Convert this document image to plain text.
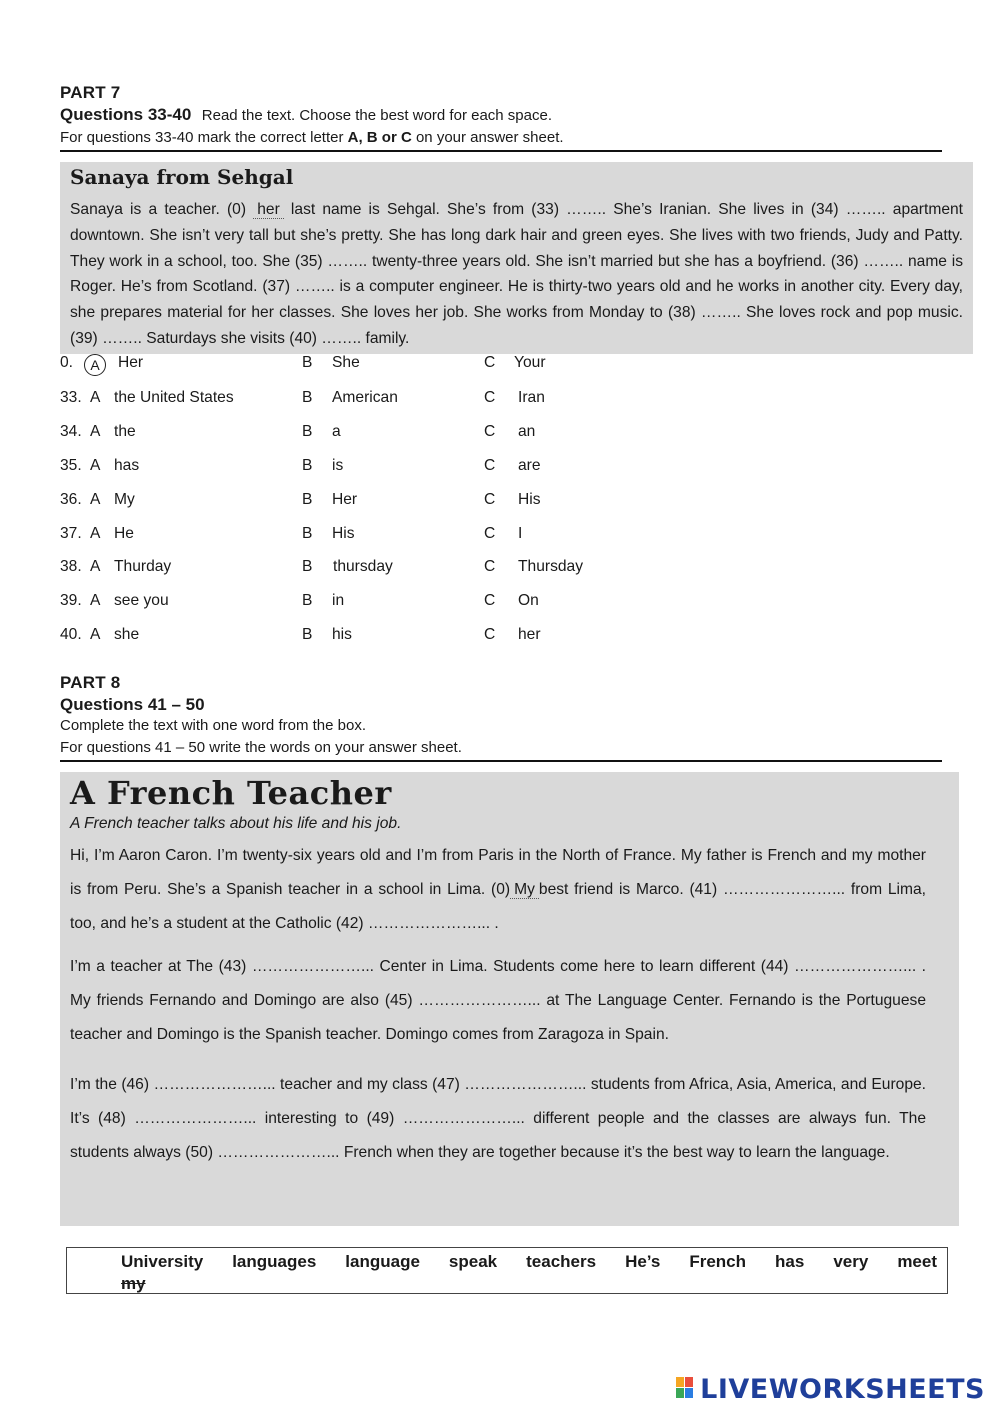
PART 7
Questions 33-40 Read the text. Choose the best word for each space.
For questions 33-40 mark the correct letter A, B or C on your answer sheet.
Sanaya from Sehgal
Sanaya is a teacher. (0) her last name is Sehgal. She’s from (33) …….. She’s Iranian. She lives in (34) …….. apartment downtown. She isn’t very tall but she’s pretty. She has long dark hair and green eyes. She lives with two friends, Judy and Patty. They work in a school, too. She (35) …….. twenty-three years old. She isn’t married but she has a boyfriend. (36) …….. name is Roger. He’s from Scotland. (37) …….. is a computer engineer. He is thirty-two years old and he works in another city. Every day, she prepares material for her classes. She loves her job. She works from Monday to (38) …….. She loves rock and pop music. (39) …….. Saturdays she visits (40) …….. family.
0.	A	Her	B She	C Your
33. A the United States	B American	C Iran
34. A the	B a	C an
35. A has	B is	C are
36. A My	B Her	C His
37. A He	B His	C I
38. A Thurday	B thursday	C Thursday
39. A see you	B in	C On
40. A she	B his	C her
PART 8
Questions 41 – 50
Complete the text with one word from the box.
For questions 41 – 50 write the words on your answer sheet.
A French Teacher
A French teacher talks about his life and his job.
Hi, I’m Aaron Caron. I’m twenty-six years old and I’m from Paris in the North of France. My father is French and my mother is from Peru. She’s a Spanish teacher in a school in Lima. (0) My best friend is Marco. (41) …………………... from Lima, too, and he’s a student at the Catholic (42) …………………... .
I’m a teacher at The (43) …………………... Center in Lima. Students come here to learn different (44) …………………... . My friends Fernando and Domingo are also (45) …………………... at The Language Center. Fernando is the Portuguese teacher and Domingo is the Spanish teacher. Domingo comes from Zaragoza in Spain.
I’m the (46) …………………... teacher and my class (47) …………………... students from Africa, Asia, America, and Europe. It’s (48) …………………... interesting to (49) …………………... different people and the classes are always fun. The students always (50) …………………... French when they are together because it’s the best way to learn the language.
University languages language speak teachers He’s French has very meet
my
LIVEWORKSHEETS
